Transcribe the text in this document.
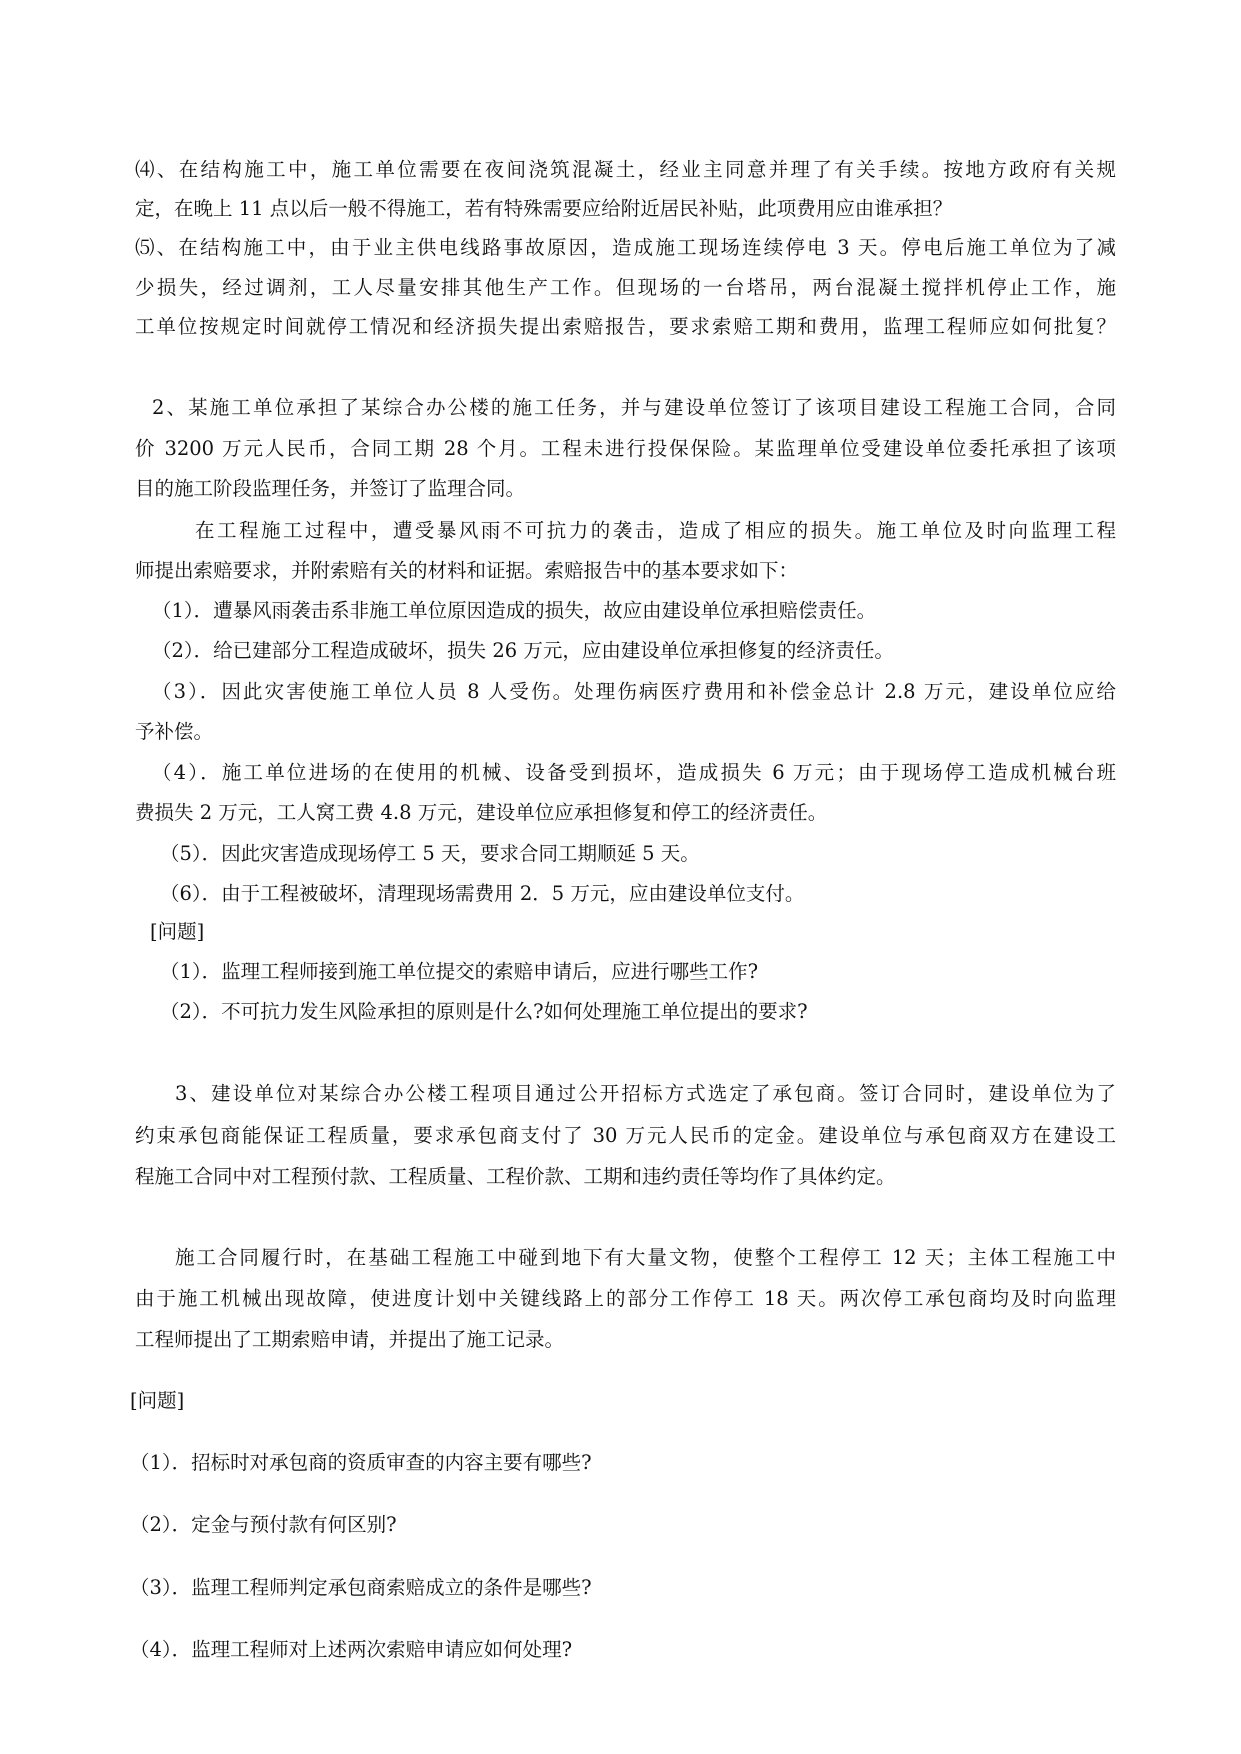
⑷、在结构施工中，施工单位需要在夜间浇筑混凝土，经业主同意并理了有关手续。按地方政府有关规
定，在晚上 11 点以后一般不得施工，若有特殊需要应给附近居民补贴，此项费用应由谁承担？
⑸、在结构施工中，由于业主供电线路事故原因，造成施工现场连续停电 3 天。停电后施工单位为了减
少损失，经过调剂，工人尽量安排其他生产工作。但现场的一台塔吊，两台混凝土搅拌机停止工作，施
工单位按规定时间就停工情况和经济损失提出索赔报告，要求索赔工期和费用，监理工程师应如何批复？
2、某施工单位承担了某综合办公楼的施工任务，并与建设单位签订了该项目建设工程施工合同，合同
价 3200 万元人民币，合同工期 28 个月。工程未进行投保保险。某监理单位受建设单位委托承担了该项
目的施工阶段监理任务，并签订了监理合同。
在工程施工过程中，遭受暴风雨不可抗力的袭击，造成了相应的损失。施工单位及时向监理工程
师提出索赔要求，并附索赔有关的材料和证据。索赔报告中的基本要求如下：
（1）．遭暴风雨袭击系非施工单位原因造成的损失，故应由建设单位承担赔偿责任。
（2）．给已建部分工程造成破坏，损失 26 万元，应由建设单位承担修复的经济责任。
（3）．因此灾害使施工单位人员 8 人受伤。处理伤病医疗费用和补偿金总计 2.8 万元，建设单位应给
予补偿。
（4）．施工单位进场的在使用的机械、设备受到损坏，造成损失 6 万元；由于现场停工造成机械台班
费损失 2 万元，工人窝工费 4.8 万元，建设单位应承担修复和停工的经济责任。
（5）．因此灾害造成现场停工 5 天，要求合同工期顺延 5 天。
（6）．由于工程被破坏，清理现场需费用 2．5 万元，应由建设单位支付。
[问题]
（1）．监理工程师接到施工单位提交的索赔申请后，应进行哪些工作?
（2）．不可抗力发生风险承担的原则是什么?如何处理施工单位提出的要求?
3、建设单位对某综合办公楼工程项目通过公开招标方式选定了承包商。签订合同时，建设单位为了
约束承包商能保证工程质量，要求承包商支付了 30 万元人民币的定金。建设单位与承包商双方在建设工
程施工合同中对工程预付款、工程质量、工程价款、工期和违约责任等均作了具体约定。
施工合同履行时，在基础工程施工中碰到地下有大量文物，使整个工程停工 12 天；主体工程施工中
由于施工机械出现故障，使进度计划中关键线路上的部分工作停工 18 天。两次停工承包商均及时向监理
工程师提出了工期索赔申请，并提出了施工记录。
[问题]
（1）．招标时对承包商的资质审查的内容主要有哪些?
（2）．定金与预付款有何区别?
（3）．监理工程师判定承包商索赔成立的条件是哪些?
（4）．监理工程师对上述两次索赔申请应如何处理?
